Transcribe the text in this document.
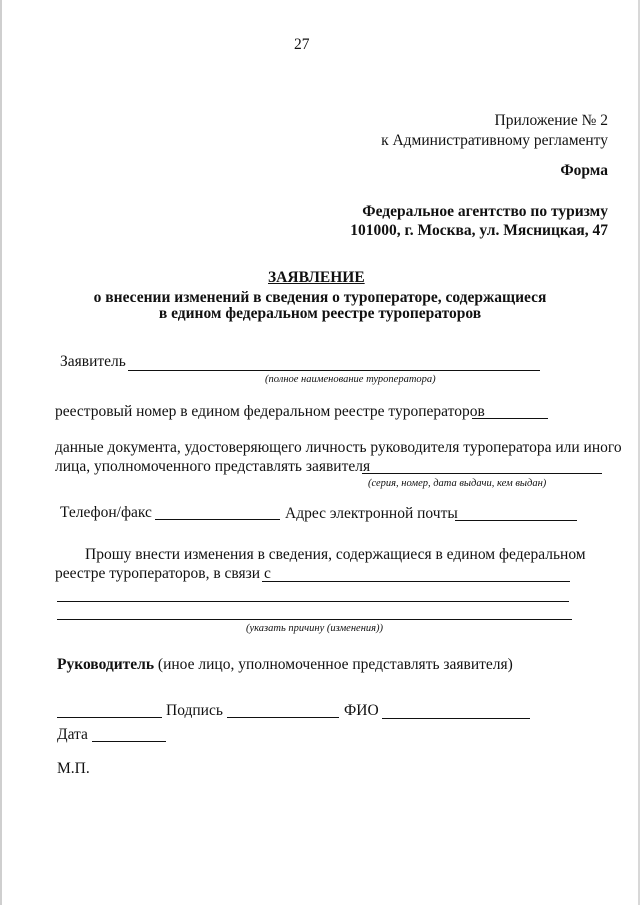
27
Приложение № 2
к Административному регламенту
Форма
Федеральное агентство по туризму
101000, г. Москва, ул. Мясницкая, 47
ЗАЯВЛЕНИЕ
о внесении изменений в сведения о туроператоре, содержащиеся
в едином федеральном реестре туроператоров
Заявитель
(полное наименование туроператора)
реестровый номер в едином федеральном реестре туроператоров
данные документа, удостоверяющего личность руководителя туроператора или иного
лица, уполномоченного представлять заявителя
(серия, номер, дата выдачи, кем выдан)
Телефон/факс	Адрес электронной почты
Прошу внести изменения в сведения, содержащиеся в едином федеральном
реестре туроператоров, в связи с
(указать причину (изменения))
Руководитель (иное лицо, уполномоченное представлять заявителя)
Подпись	ФИО
Дата
М.П.
